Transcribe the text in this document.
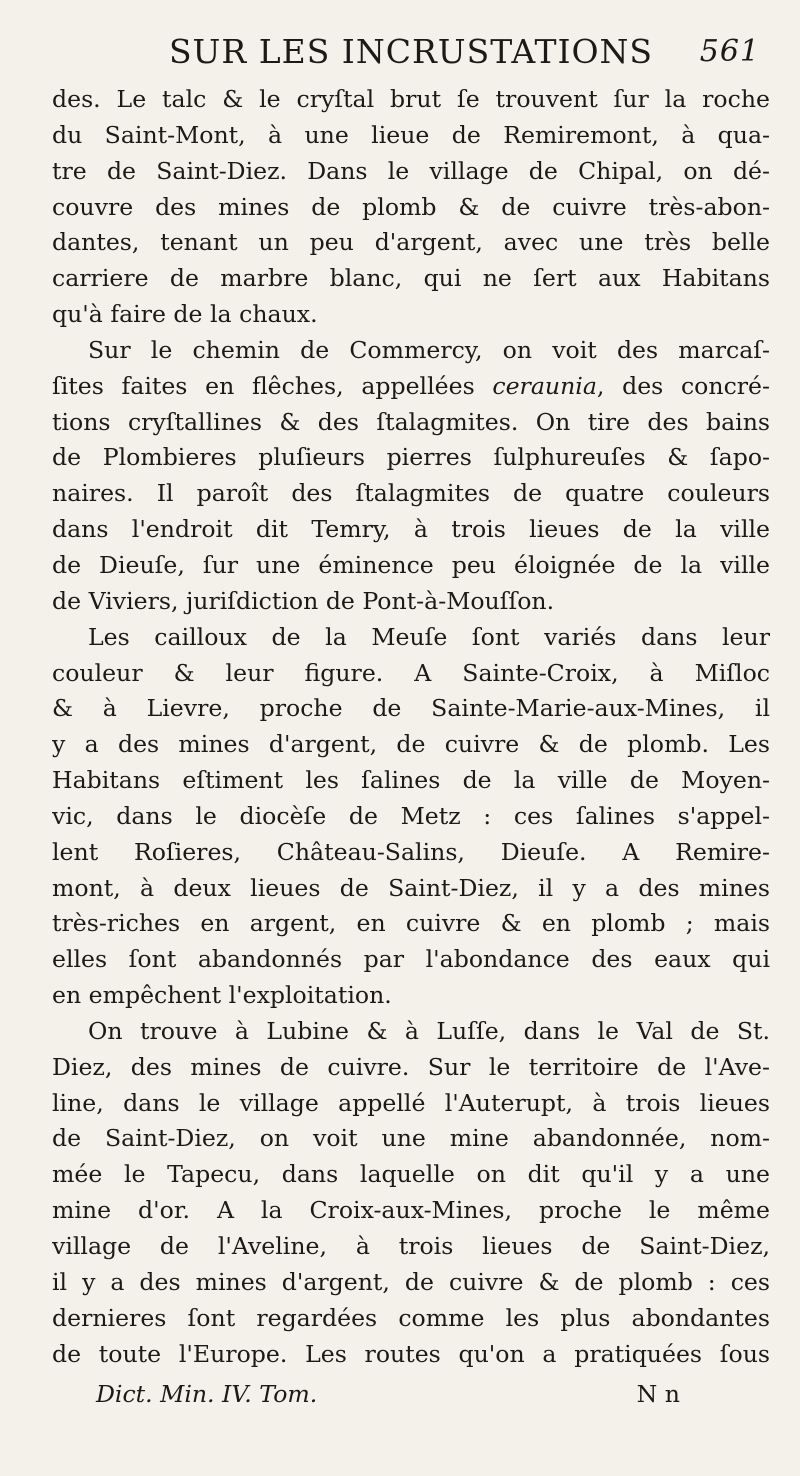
SUR LES INCRUSTATIONS 561
des. Le talc & le cryſtal brut ſe trouvent ſur la roche
du Saint-Mont, à une lieue de Remiremont, à qua-
tre de Saint-Diez. Dans le village de Chipal, on dé-
couvre des mines de plomb & de cuivre très-abon-
dantes, tenant un peu d'argent, avec une très belle
carriere de marbre blanc, qui ne ſert aux Habitans
qu'à faire de la chaux.
Sur le chemin de Commercy, on voit des marcaſ-
ſites faites en flêches, appellées ceraunia, des concré-
tions cryſtallines & des ſtalagmites. On tire des bains
de Plombieres pluſieurs pierres ſulphureuſes & ſapo-
naires. Il paroît des ſtalagmites de quatre couleurs
dans l'endroit dit Temry, à trois lieues de la ville
de Dieuſe, ſur une éminence peu éloignée de la ville
de Viviers, juriſdiction de Pont-à-Mouſſon.
Les cailloux de la Meuſe ſont variés dans leur
couleur & leur figure. A Sainte-Croix, à Miſloc
& à Lievre, proche de Sainte-Marie-aux-Mines, il
y a des mines d'argent, de cuivre & de plomb. Les
Habitans eſtiment les ſalines de la ville de Moyen-
vic, dans le diocèſe de Metz : ces ſalines s'appel-
lent Roſieres, Château-Salins, Dieuſe. A Remire-
mont, à deux lieues de Saint-Diez, il y a des mines
très-riches en argent, en cuivre & en plomb ; mais
elles ſont abandonnés par l'abondance des eaux qui
en empêchent l'exploitation.
On trouve à Lubine & à Luſſe, dans le Val de St.
Diez, des mines de cuivre. Sur le territoire de l'Ave-
line, dans le village appellé l'Auterupt, à trois lieues
de Saint-Diez, on voit une mine abandonnée, nom-
mée le Tapecu, dans laquelle on dit qu'il y a une
mine d'or. A la Croix-aux-Mines, proche le même
village de l'Aveline, à trois lieues de Saint-Diez,
il y a des mines d'argent, de cuivre & de plomb : ces
dernieres ſont regardées comme les plus abondantes
de toute l'Europe. Les routes qu'on a pratiquées ſous
Dict. Min. IV. Tom.	N n
